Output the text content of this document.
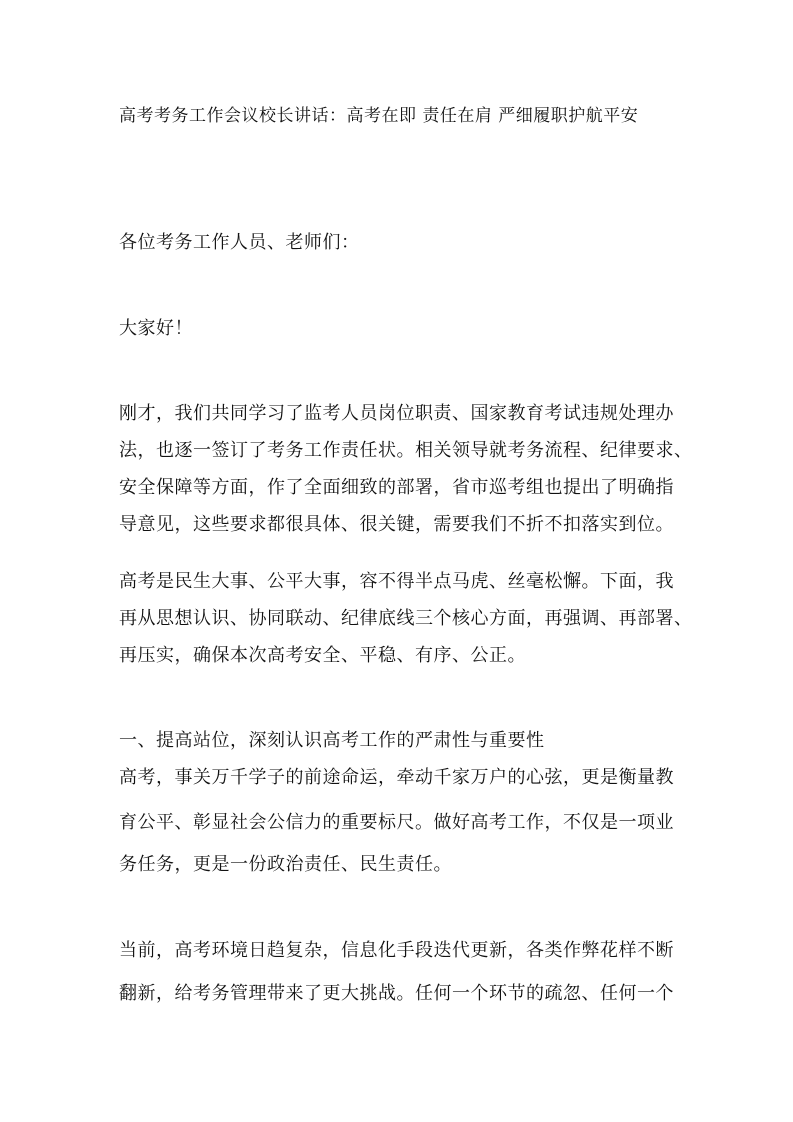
高考考务工作会议校长讲话：高考在即 责任在肩 严细履职护航平安
各位考务工作人员、老师们：
大家好！
刚才，我们共同学习了监考人员岗位职责、国家教育考试违规处理办
法，也逐一签订了考务工作责任状。相关领导就考务流程、纪律要求、
安全保障等方面，作了全面细致的部署，省市巡考组也提出了明确指
导意见，这些要求都很具体、很关键，需要我们不折不扣落实到位。
高考是民生大事、公平大事，容不得半点马虎、丝毫松懈。下面，我
再从思想认识、协同联动、纪律底线三个核心方面，再强调、再部署、
再压实，确保本次高考安全、平稳、有序、公正。
一、提高站位，深刻认识高考工作的严肃性与重要性
高考，事关万千学子的前途命运，牵动千家万户的心弦，更是衡量教
育公平、彰显社会公信力的重要标尺。做好高考工作，不仅是一项业
务任务，更是一份政治责任、民生责任。
当前，高考环境日趋复杂，信息化手段迭代更新，各类作弊花样不断
翻新，给考务管理带来了更大挑战。任何一个环节的疏忽、任何一个
